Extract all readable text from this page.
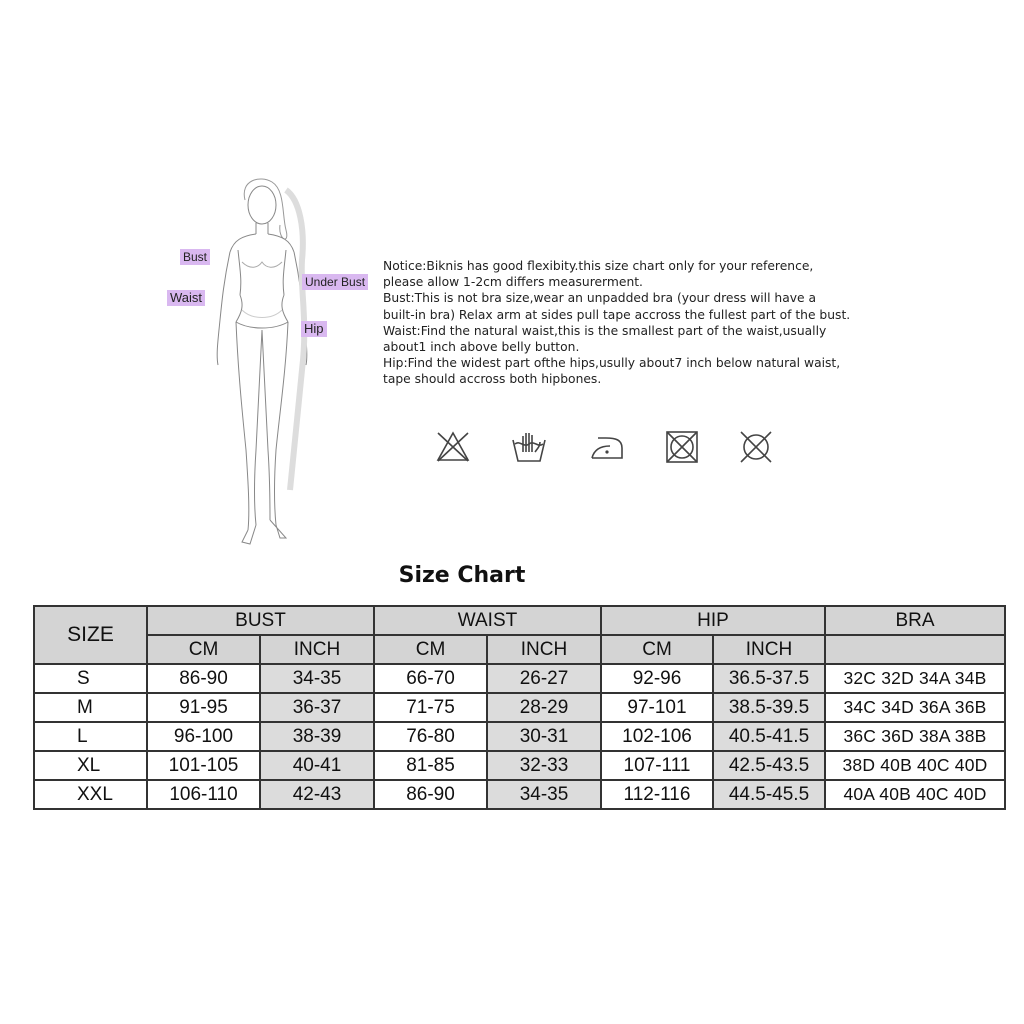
Bust
Under Bust
Waist
Hip

Notice:Biknis has good flexibity.this size chart only for your reference,

please allow 1-2cm differs measurerment.

Bust:This is not bra size,wear an unpadded bra (your dress will have a

built-in bra) Relax arm at sides pull tape accross the fullest part of the bust.

Waist:Find the natural waist,this is the smallest part of the waist,usually

about1 inch above belly button.

Hip:Find the widest part ofthe hips,usully about7 inch below natural waist,

tape should accross both hipbones.

Size Chart
SIZE	BUST		WAIST		HIP		BRA
	CM	INCH	CM	INCH	CM	INCH	
S	86-90	34-35	66-70	26-27	92-96	36.5-37.5	32C 32D 34A 34B
M	91-95	36-37	71-75	28-29	97-101	38.5-39.5	34C 34D 36A 36B
L	96-100	38-39	76-80	30-31	102-106	40.5-41.5	36C 36D 38A 38B
XL	101-105	40-41	81-85	32-33	107-111	42.5-43.5	38D 40B 40C 40D
XXL	106-110	42-43	86-90	34-35	112-116	44.5-45.5	40A 40B 40C 40D
